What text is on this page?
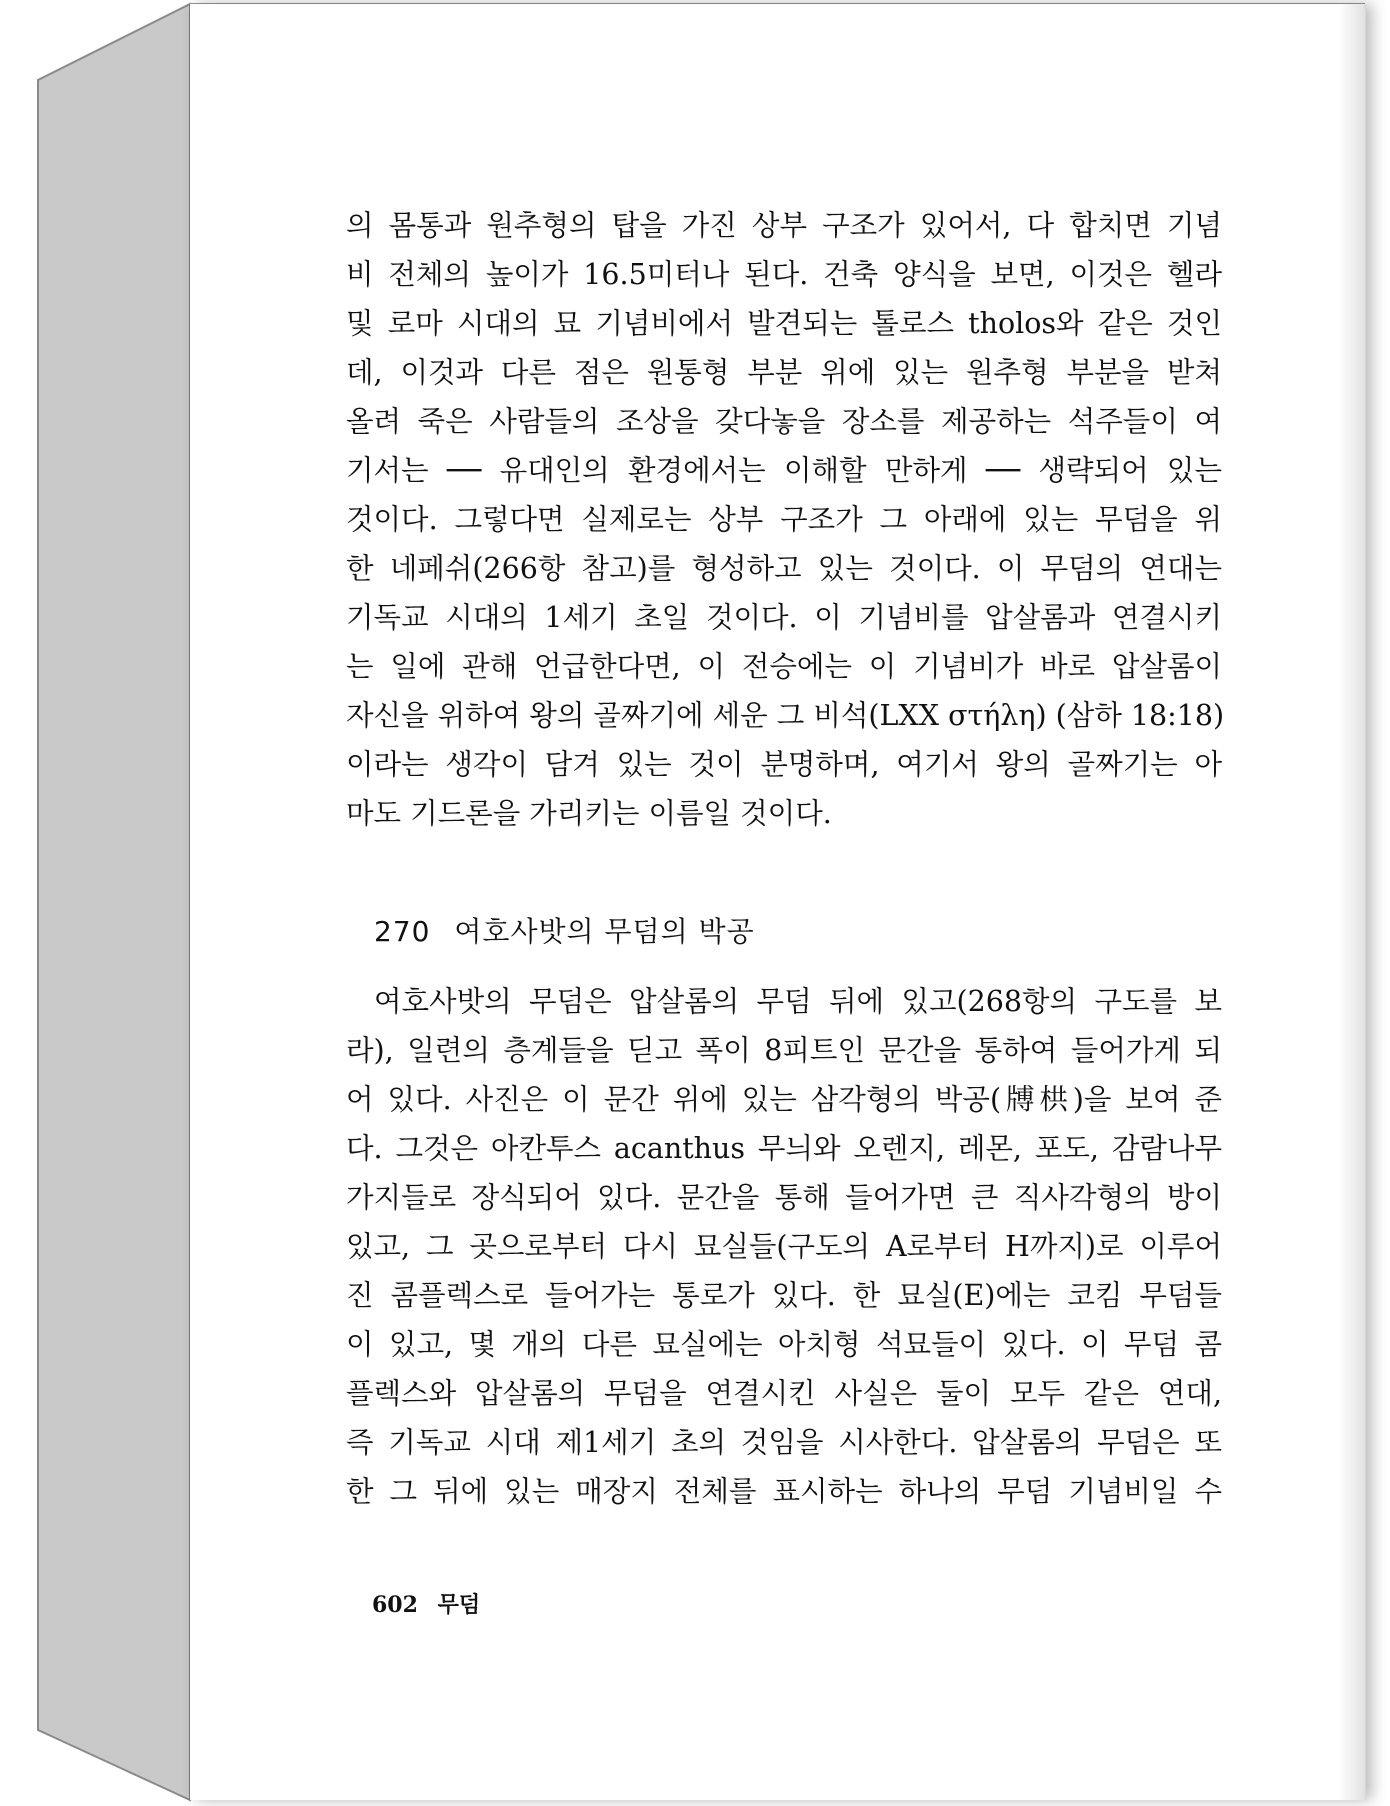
의 몸통과 원추형의 탑을 가진 상부 구조가 있어서, 다 합치면 기념
비 전체의 높이가 16.5미터나 된다. 건축 양식을 보면, 이것은 헬라
및 로마 시대의 묘 기념비에서 발견되는 톨로스 tholos와 같은 것인
데, 이것과 다른 점은 원통형 부분 위에 있는 원추형 부분을 받쳐
올려 죽은 사람들의 조상을 갖다놓을 장소를 제공하는 석주들이 여
기서는 ── 유대인의 환경에서는 이해할 만하게 ── 생략되어 있는
것이다. 그렇다면 실제로는 상부 구조가 그 아래에 있는 무덤을 위
한 네페쉬(266항 참고)를 형성하고 있는 것이다. 이 무덤의 연대는
기독교 시대의 1세기 초일 것이다. 이 기념비를 압살롬과 연결시키
는 일에 관해 언급한다면, 이 전승에는 이 기념비가 바로 압살롬이
자신을 위하여 왕의 골짜기에 세운 그 비석(LXX στήλη) (삼하 18:18)
이라는 생각이 담겨 있는 것이 분명하며, 여기서 왕의 골짜기는 아
마도 기드론을 가리키는 이름일 것이다.
270 여호사밧의 무덤의 박공
여호사밧의 무덤은 압살롬의 무덤 뒤에 있고(268항의 구도를 보
라), 일련의 층계들을 딛고 폭이 8피트인 문간을 통하여 들어가게 되
어 있다. 사진은 이 문간 위에 있는 삼각형의 박공(牔栱)을 보여 준
다. 그것은 아칸투스 acanthus 무늬와 오렌지, 레몬, 포도, 감람나무
가지들로 장식되어 있다. 문간을 통해 들어가면 큰 직사각형의 방이
있고, 그 곳으로부터 다시 묘실들(구도의 A로부터 H까지)로 이루어
진 콤플렉스로 들어가는 통로가 있다. 한 묘실(E)에는 코킴 무덤들
이 있고, 몇 개의 다른 묘실에는 아치형 석묘들이 있다. 이 무덤 콤
플렉스와 압살롬의 무덤을 연결시킨 사실은 둘이 모두 같은 연대,
즉 기독교 시대 제1세기 초의 것임을 시사한다. 압살롬의 무덤은 또
한 그 뒤에 있는 매장지 전체를 표시하는 하나의 무덤 기념비일 수
602 무덤
